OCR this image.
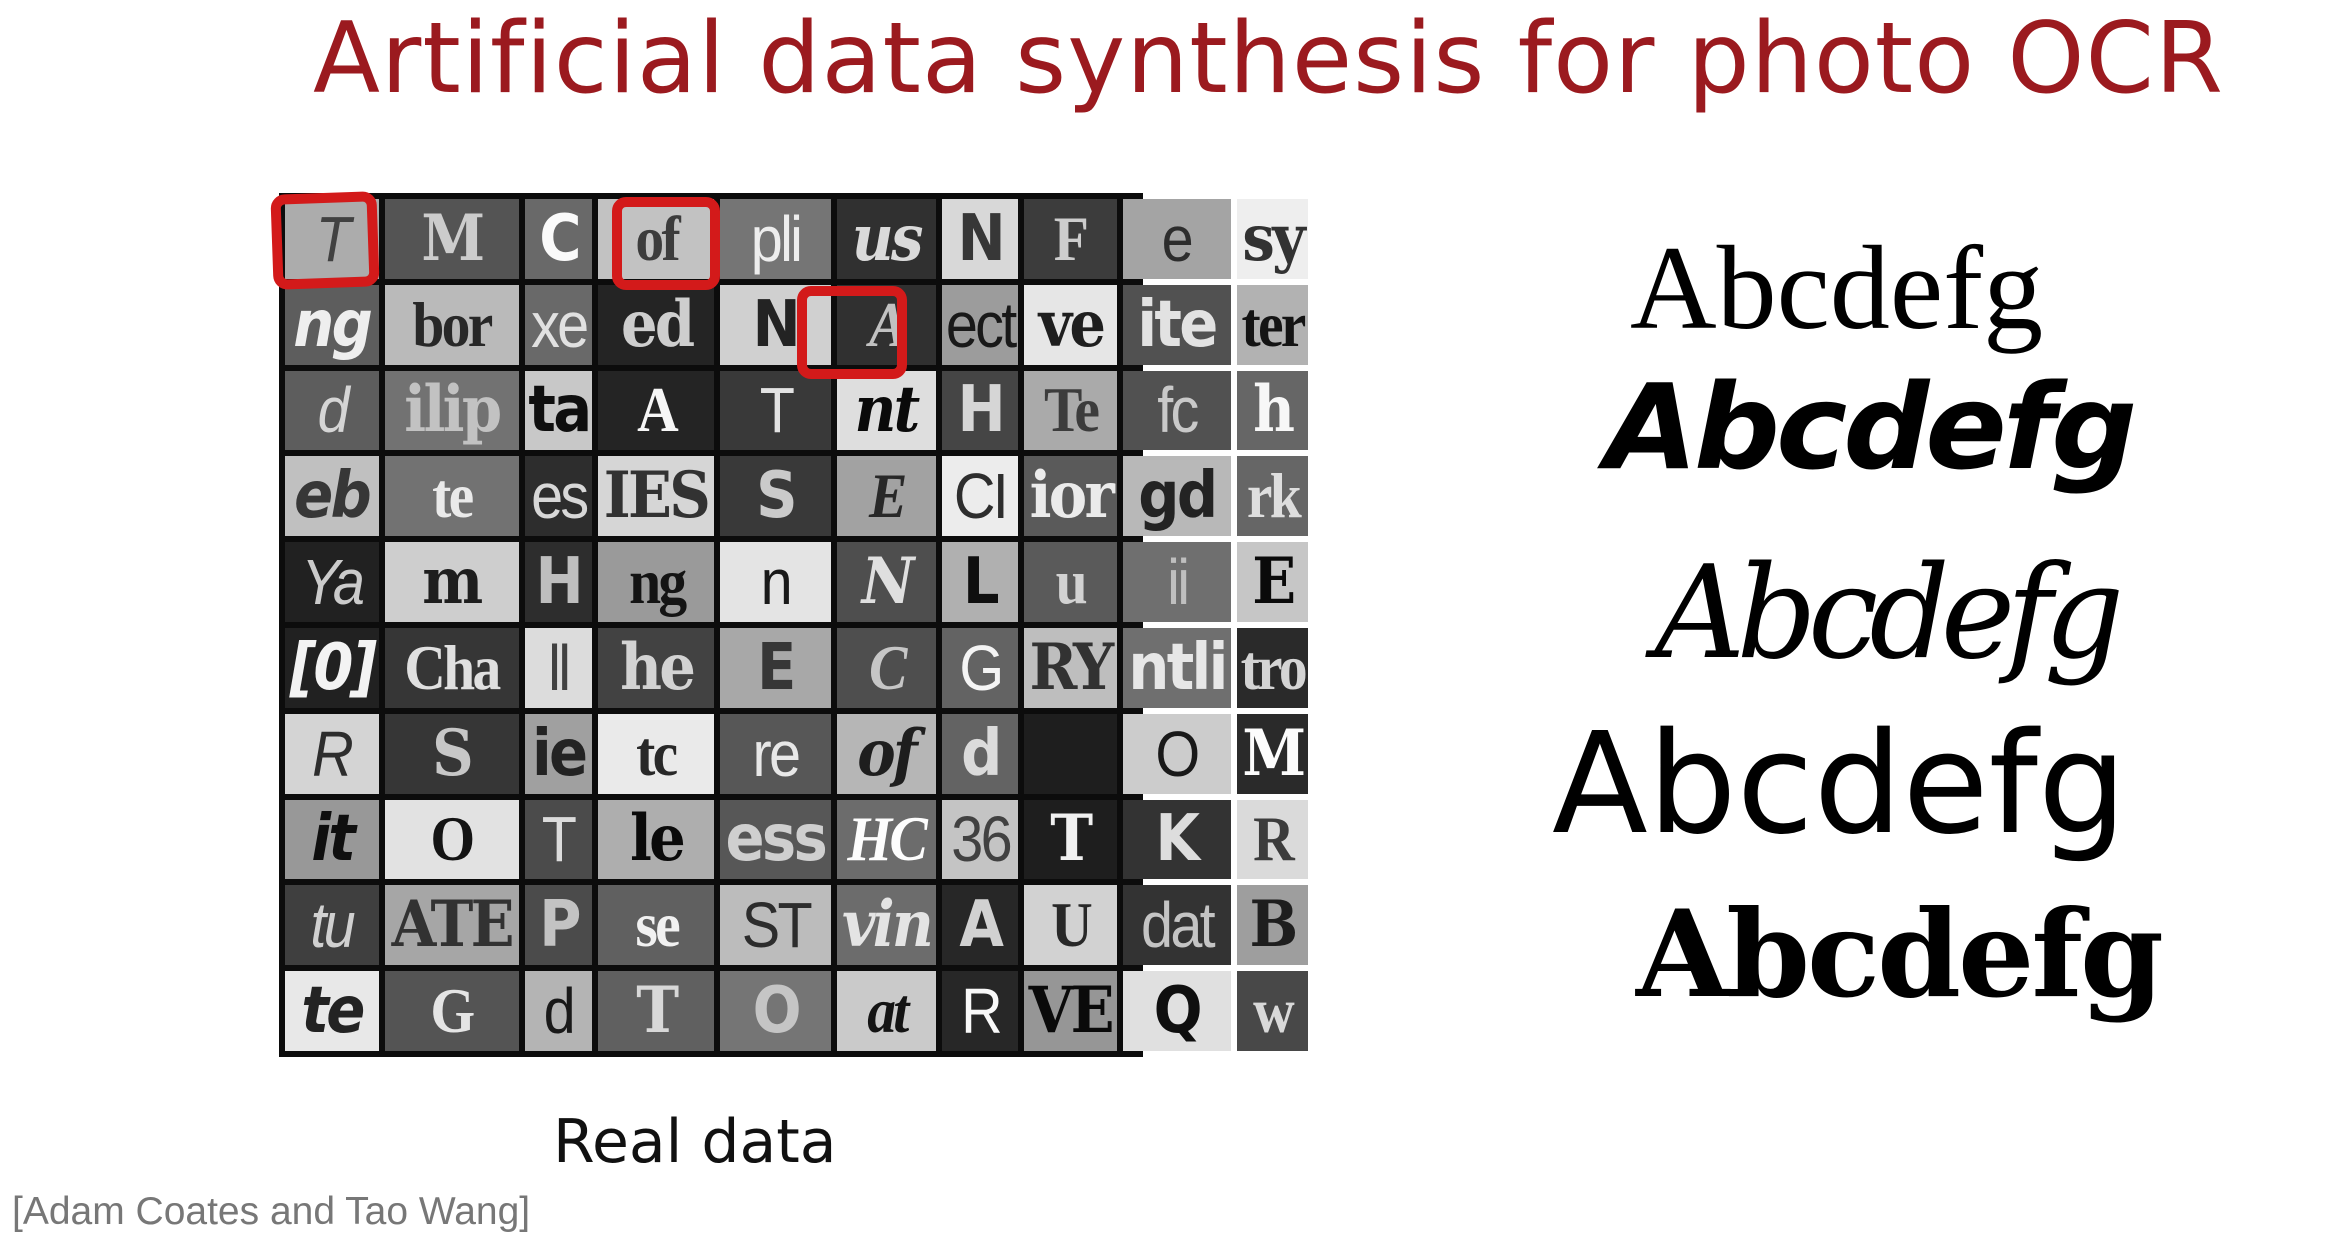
Artificial data synthesis for photo OCR
T M C of pli us N F e sy
ng bor xe ed N A ect ve ite ter
d ilip ta A T nt H Te fc h
eb te es IES S E CI ior gd rk
Ya m H ng n N L u ii E
[0] Cha ll he E C G RY ntli tro
R S ie tc re of d O M
it O T le ess HC 36 T K R
tu ATE P se ST vin A U dat B
te G d T O at R VE Q w
Real data
Abcdefg
Abcdefg
Abcdefg
Abcdefg
Abcdefg
[Adam Coates and Tao Wang]
